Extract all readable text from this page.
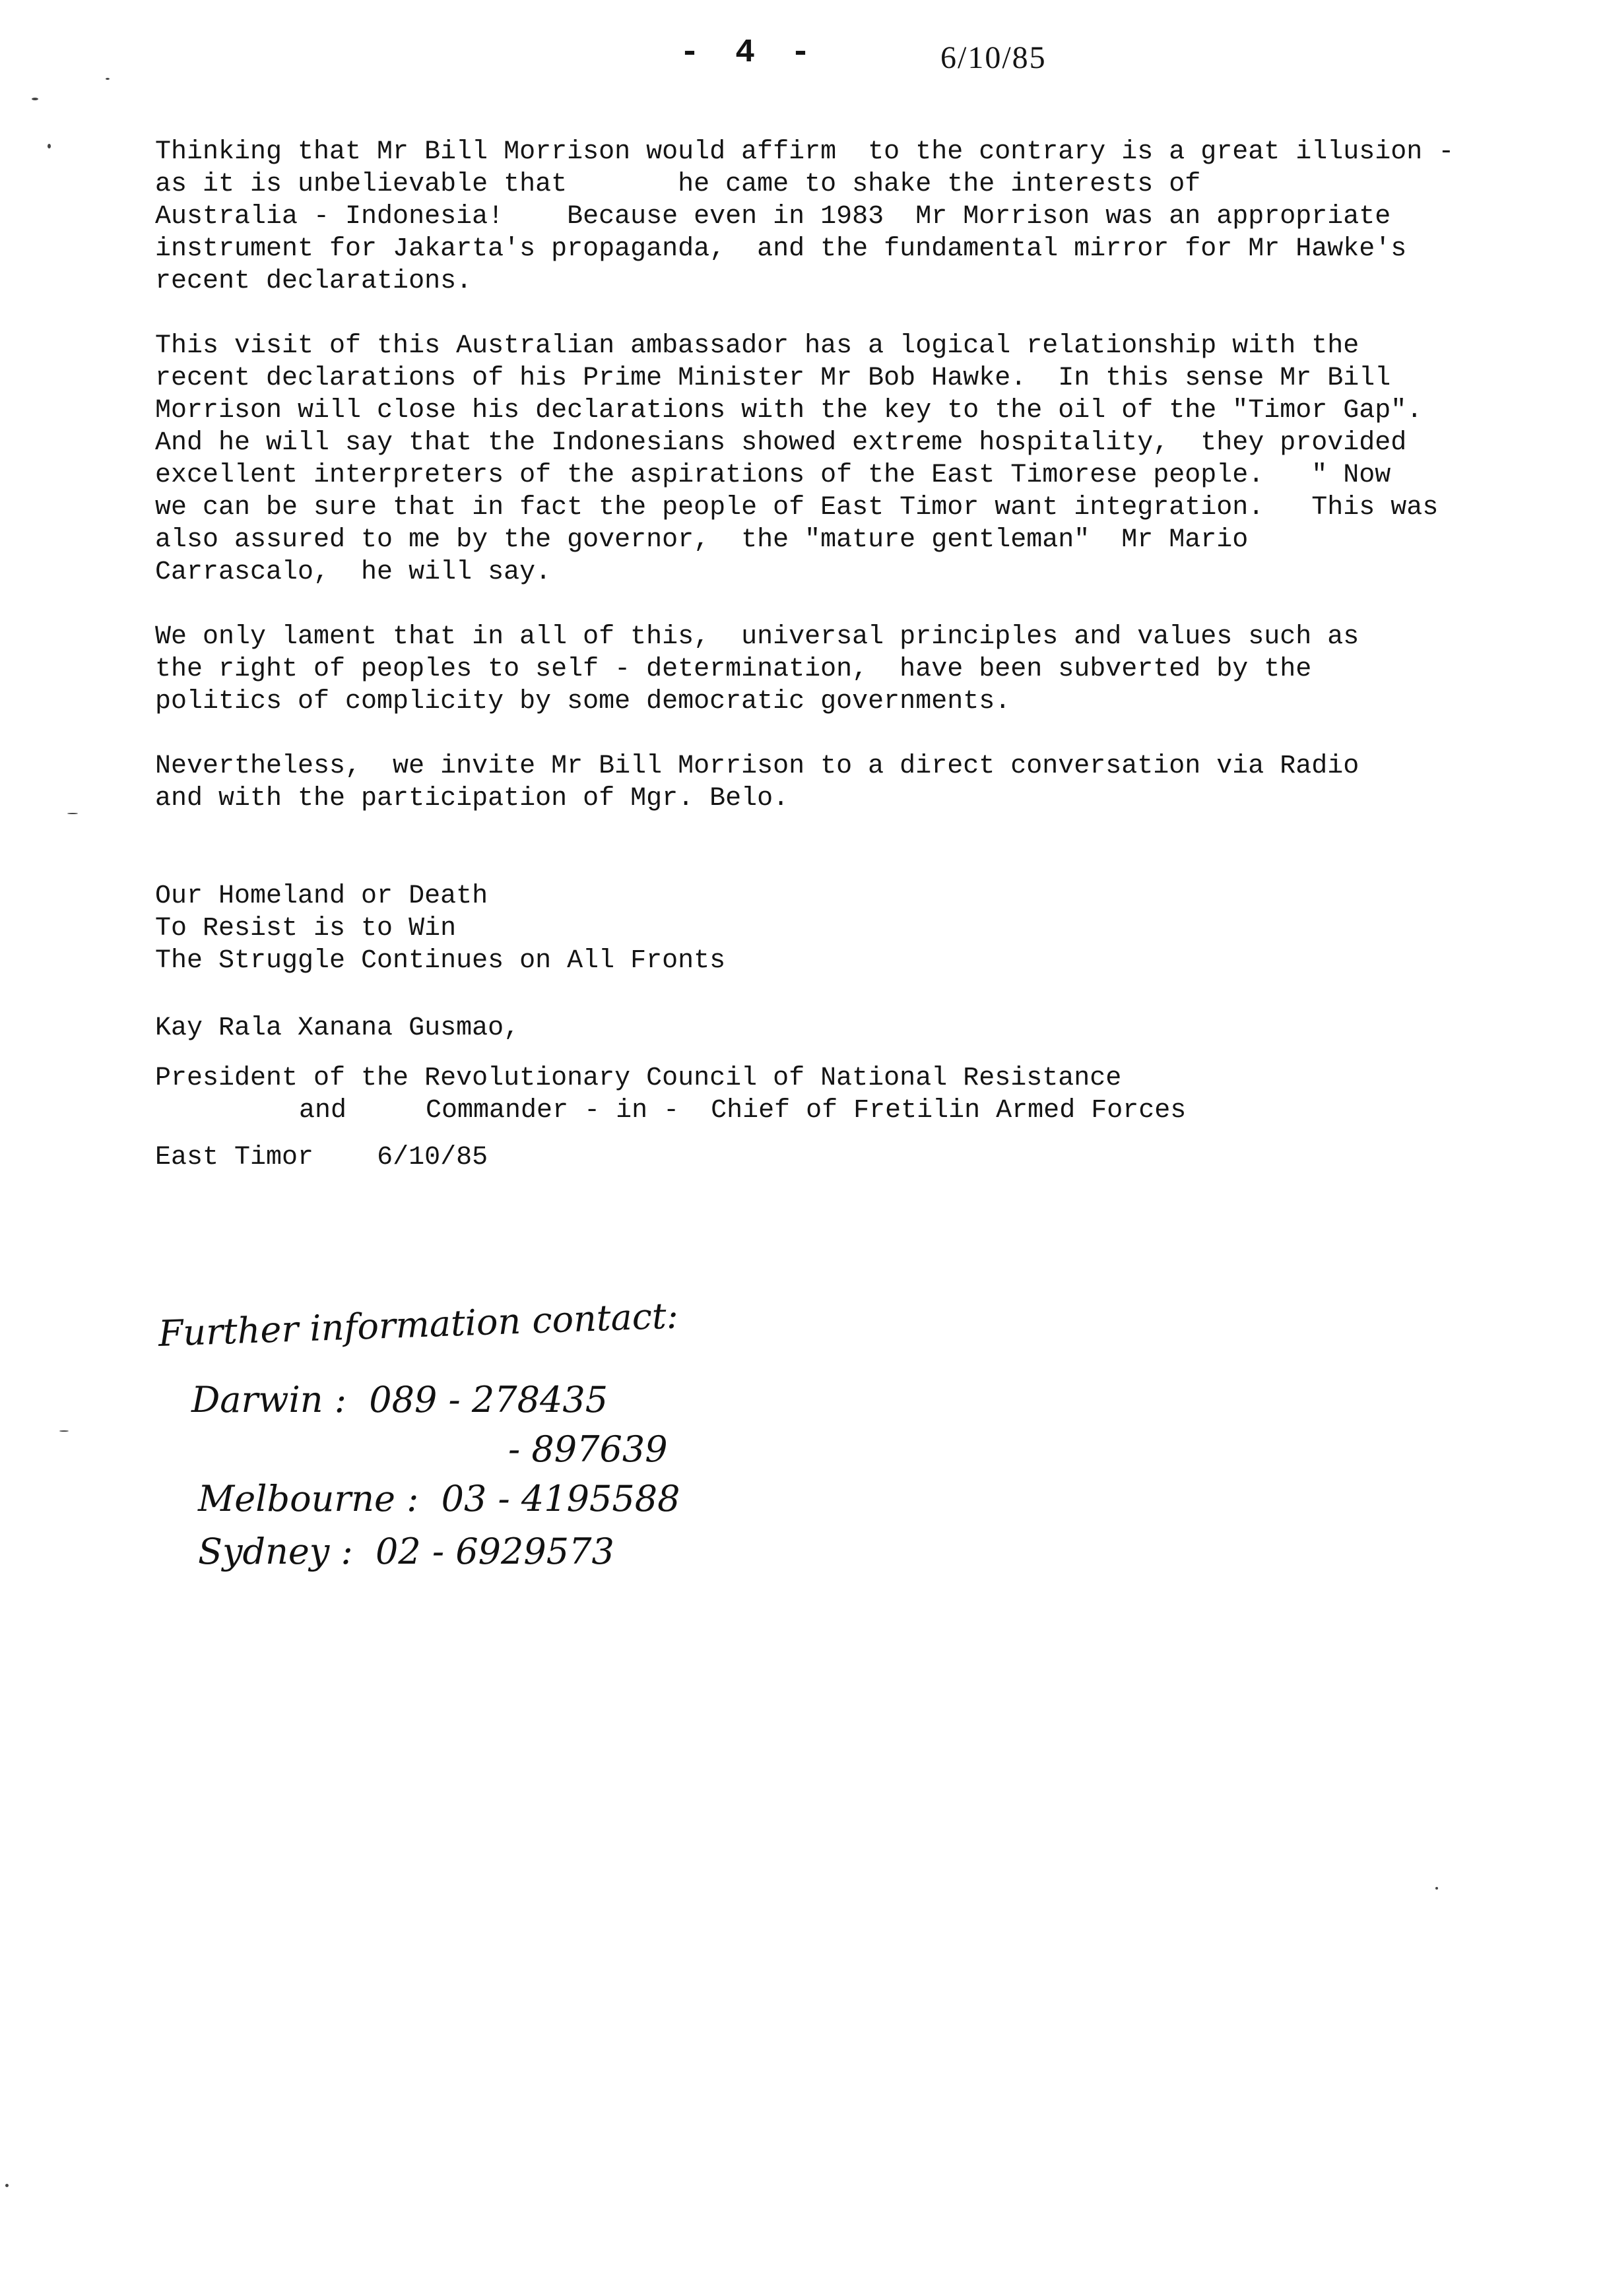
- 4 -	6/10/85
Thinking that Mr Bill Morrison would affirm  to the contrary is a great illusion -
as it is unbelievable that       he came to shake the interests of
Australia - Indonesia!    Because even in 1983  Mr Morrison was an appropriate
instrument for Jakarta's propaganda,  and the fundamental mirror for Mr Hawke's
recent declarations.
This visit of this Australian ambassador has a logical relationship with the
recent declarations of his Prime Minister Mr Bob Hawke.  In this sense Mr Bill
Morrison will close his declarations with the key to the oil of the "Timor Gap".
And he will say that the Indonesians showed extreme hospitality,  they provided
excellent interpreters of the aspirations of the East Timorese people.   " Now
we can be sure that in fact the people of East Timor want integration.   This was
also assured to me by the governor,  the "mature gentleman"  Mr Mario
Carrascalo,  he will say.
We only lament that in all of this,  universal principles and values such as
the right of peoples to self - determination,  have been subverted by the
politics of complicity by some democratic governments.
Nevertheless,  we invite Mr Bill Morrison to a direct conversation via Radio
and with the participation of Mgr. Belo.
Our Homeland or Death
To Resist is to Win
The Struggle Continues on All Fronts
Kay Rala Xanana Gusmao,
President of the Revolutionary Council of National Resistance
and     Commander - in -  Chief of Fretilin Armed Forces
East Timor 6/10/85
Further information contact:
Darwin :  089 - 278435
- 897639
Melbourne :  03 - 4195588
Sydney :  02 - 6929573
